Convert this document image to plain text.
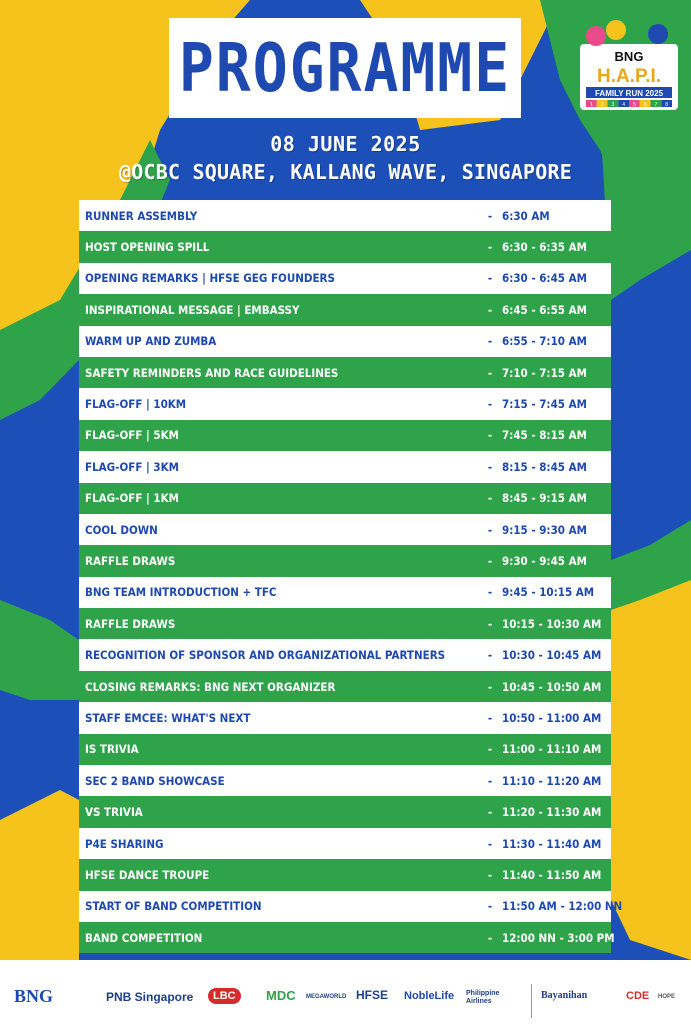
PROGRAMME	BNG
H.A.P.I.
FAMILY RUN 2025
1 2 3 4 5 6 7 8
08 JUNE 2025
@OCBC SQUARE, KALLANG WAVE, SINGAPORE
RUNNER ASSEMBLY	- 6:30 AM
HOST OPENING SPILL	- 6:30 - 6:35 AM
OPENING REMARKS | HFSE GEG FOUNDERS	- 6:30 - 6:45 AM
INSPIRATIONAL MESSAGE | EMBASSY	- 6:45 - 6:55 AM
WARM UP AND ZUMBA	- 6:55 - 7:10 AM
SAFETY REMINDERS AND RACE GUIDELINES	- 7:10 - 7:15 AM
FLAG-OFF | 10KM	- 7:15 - 7:45 AM
FLAG-OFF | 5KM	- 7:45 - 8:15 AM
FLAG-OFF | 3KM	- 8:15 - 8:45 AM
FLAG-OFF | 1KM	- 8:45 - 9:15 AM
COOL DOWN	- 9:15 - 9:30 AM
RAFFLE DRAWS	- 9:30 - 9:45 AM
BNG TEAM INTRODUCTION + TFC	- 9:45 - 10:15 AM
RAFFLE DRAWS	- 10:15 - 10:30 AM
RECOGNITION OF SPONSOR AND ORGANIZATIONAL PARTNERS	- 10:30 - 10:45 AM
CLOSING REMARKS: BNG NEXT ORGANIZER	- 10:45 - 10:50 AM
STAFF EMCEE: WHAT'S NEXT	- 10:50 - 11:00 AM
IS TRIVIA	- 11:00 - 11:10 AM
SEC 2 BAND SHOWCASE	- 11:10 - 11:20 AM
VS TRIVIA	- 11:20 - 11:30 AM
P4E SHARING	- 11:30 - 11:40 AM
HFSE DANCE TROUPE	- 11:40 - 11:50 AM
START OF BAND COMPETITION	- 11:50 AM - 12:00 NN
BAND COMPETITION	- 12:00 NN - 3:00 PM
BNG	PNB Singapore	LBC	MDC MEGAWORLD HFSE NobleLife Philippine Airlines
Bayanihan	CDE HOPE
